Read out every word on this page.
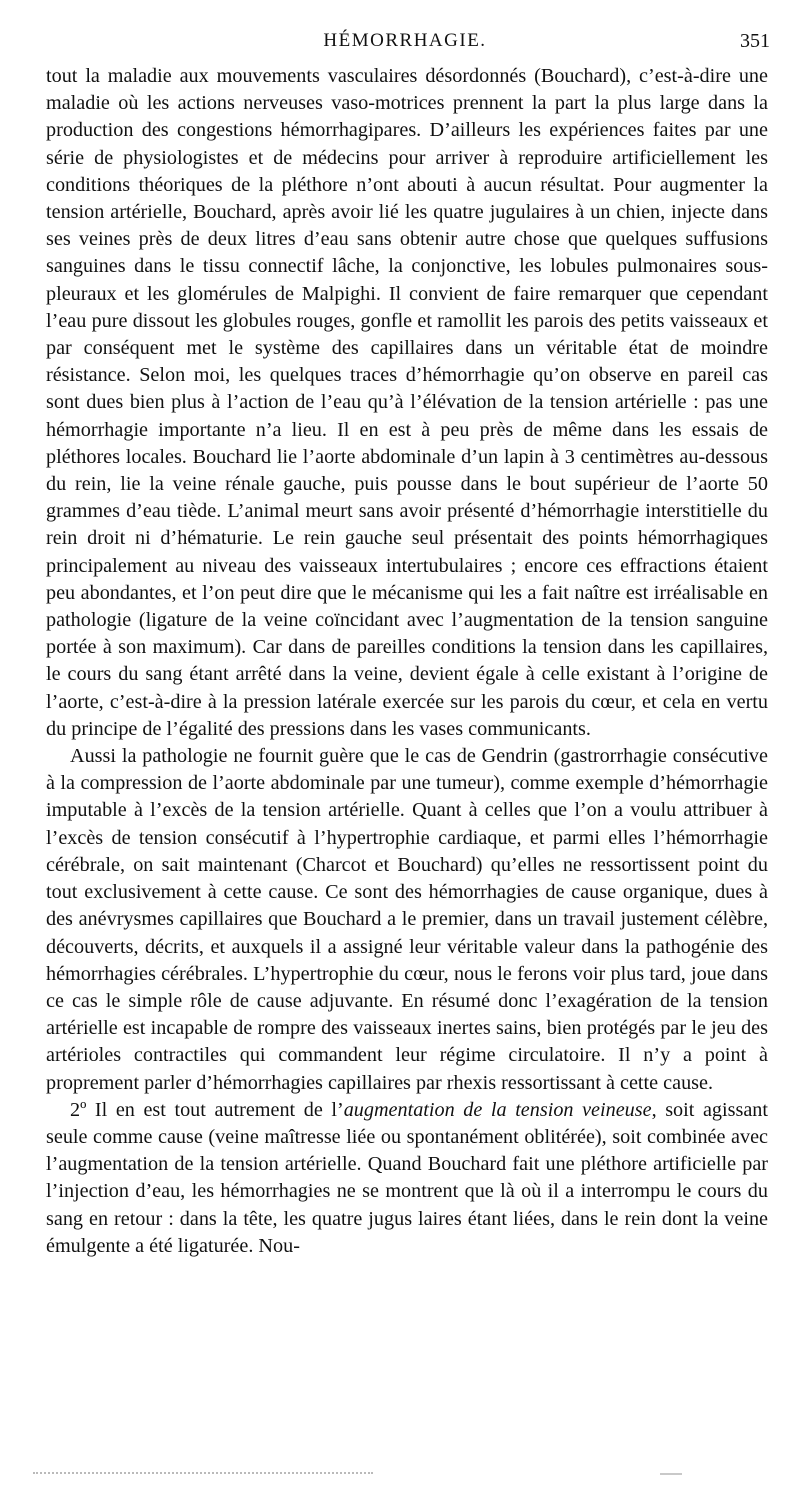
HÉMORRHAGIE.	351

tout la maladie aux mouvements vasculaires désordonnés (Bouchard), c’est-à-dire une maladie où les actions nerveuses vaso-motrices prennent la part la plus large dans la production des congestions hémorrhagipares. D’ailleurs les expériences faites par une série de physiologistes et de médecins pour arriver à reproduire artificiellement les conditions théoriques de la pléthore n’ont abouti à aucun résultat. Pour augmenter la tension artérielle, Bouchard, après avoir lié les quatre jugulaires à un chien, injecte dans ses veines près de deux litres d’eau sans obtenir autre chose que quelques suffusions sanguines dans le tissu connectif lâche, la conjonctive, les lobules pulmonaires sous-pleuraux et les glomérules de Malpighi. Il convient de faire remarquer que cependant l’eau pure dissout les globules rouges, gonfle et ramollit les parois des petits vaisseaux et par conséquent met le système des capillaires dans un véritable état de moindre résistance. Selon moi, les quelques traces d’hémorrhagie qu’on observe en pareil cas sont dues bien plus à l’action de l’eau qu’à l’élévation de la tension artérielle : pas une hémorrhagie importante n’a lieu. Il en est à peu près de même dans les essais de pléthores locales. Bouchard lie l’aorte abdominale d’un lapin à 3 centimètres au-dessous du rein, lie la veine rénale gauche, puis pousse dans le bout supérieur de l’aorte 50 grammes d’eau tiède. L’animal meurt sans avoir présenté d’hémorrhagie interstitielle du rein droit ni d’hématurie. Le rein gauche seul présentait des points hémorrhagiques principalement au niveau des vaisseaux intertubulaires ; encore ces effractions étaient peu abondantes, et l’on peut dire que le mécanisme qui les a fait naître est irréalisable en pathologie (ligature de la veine coïncidant avec l’augmentation de la tension sanguine portée à son maximum). Car dans de pareilles conditions la tension dans les capillaires, le cours du sang étant arrêté dans la veine, devient égale à celle existant à l’origine de l’aorte, c’est-à-dire à la pression latérale exercée sur les parois du cœur, et cela en vertu du principe de l’égalité des pressions dans les vases communicants.

Aussi la pathologie ne fournit guère que le cas de Gendrin (gastrorrhagie consécutive à la compression de l’aorte abdominale par une tumeur), comme exemple d’hémorrhagie imputable à l’excès de la tension artérielle. Quant à celles que l’on a voulu attribuer à l’excès de tension consécutif à l’hypertrophie cardiaque, et parmi elles l’hémorrhagie cérébrale, on sait maintenant (Charcot et Bouchard) qu’elles ne ressortissent point du tout exclusivement à cette cause. Ce sont des hémorrhagies de cause organique, dues à des anévrysmes capillaires que Bouchard a le premier, dans un travail justement célèbre, découverts, décrits, et auxquels il a assigné leur véritable valeur dans la pathogénie des hémorrhagies cérébrales. L’hypertrophie du cœur, nous le ferons voir plus tard, joue dans ce cas le simple rôle de cause adjuvante. En résumé donc l’exagération de la tension artérielle est incapable de rompre des vaisseaux inertes sains, bien protégés par le jeu des artérioles contractiles qui commandent leur régime circulatoire. Il n’y a point à proprement parler d’hémorrhagies capillaires par rhexis ressortissant à cette cause.

2º Il en est tout autrement de l’augmentation de la tension veineuse, soit agissant seule comme cause (veine maîtresse liée ou spontanément oblitérée), soit combinée avec l’augmentation de la tension artérielle. Quand Bouchard fait une pléthore artificielle par l’injection d’eau, les hémorrhagies ne se montrent que là où il a interrompu le cours du sang en retour : dans la tête, les quatre jugus laires étant liées, dans le rein dont la veine émulgente a été ligaturée. Nou-
